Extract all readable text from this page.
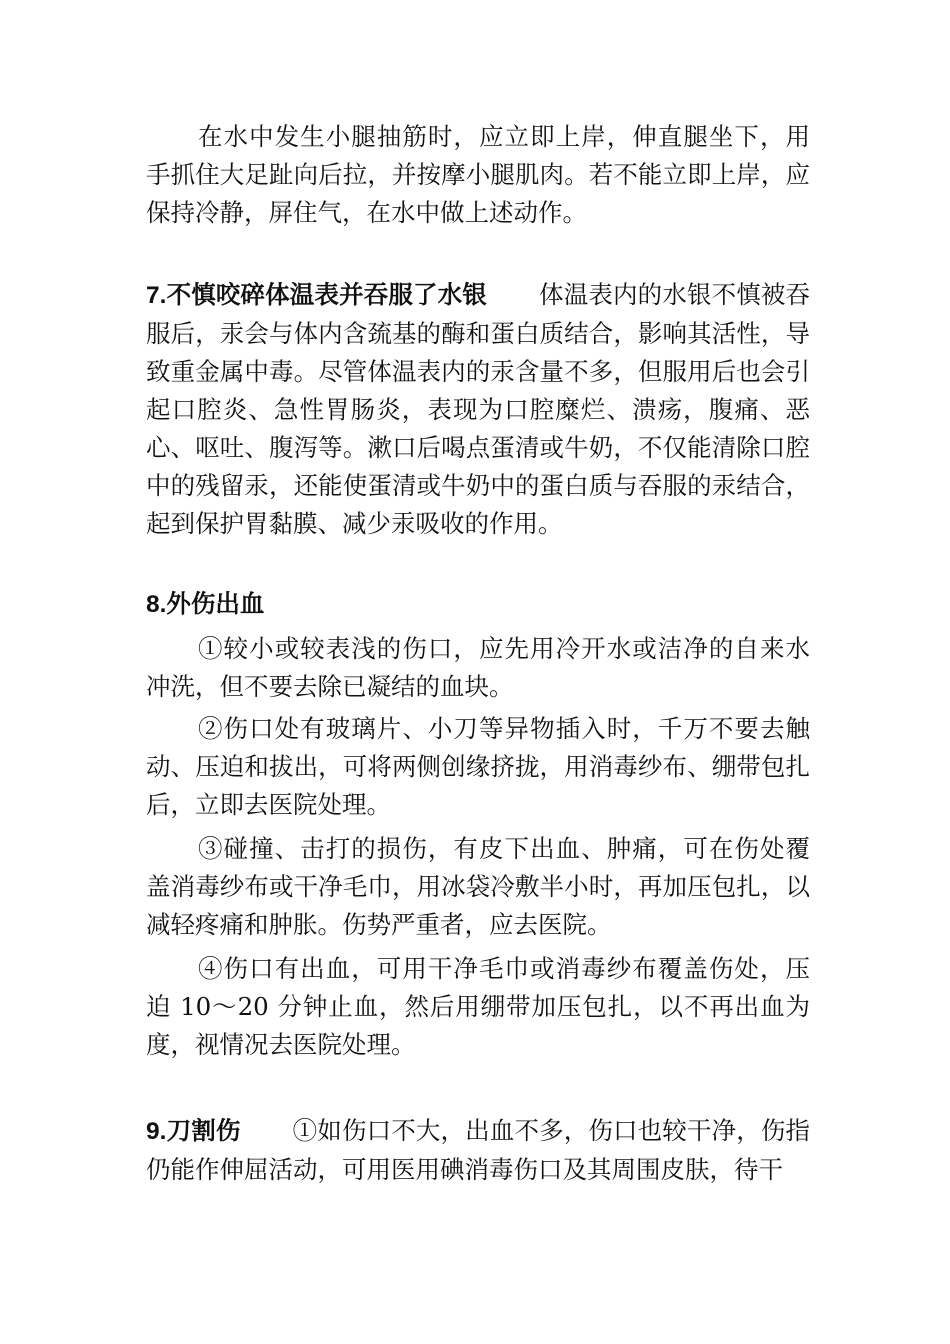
在水中发生小腿抽筋时，应立即上岸，伸直腿坐下，用手抓住大足趾向后拉，并按摩小腿肌肉。若不能立即上岸，应保持冷静，屏住气，在水中做上述动作。

7.不慎咬碎体温表并吞服了水银 体温表内的水银不慎被吞服后，汞会与体内含巯基的酶和蛋白质结合，影响其活性，导致重金属中毒。尽管体温表内的汞含量不多，但服用后也会引起口腔炎、急性胃肠炎，表现为口腔糜烂、溃疡，腹痛、恶心、呕吐、腹泻等。漱口后喝点蛋清或牛奶，不仅能清除口腔中的残留汞，还能使蛋清或牛奶中的蛋白质与吞服的汞结合，起到保护胃黏膜、减少汞吸收的作用。

8.外伤出血

①较小或较表浅的伤口，应先用冷开水或洁净的自来水冲洗，但不要去除已凝结的血块。

②伤口处有玻璃片、小刀等异物插入时，千万不要去触动、压迫和拔出，可将两侧创缘挤拢，用消毒纱布、绷带包扎后，立即去医院处理。

③碰撞、击打的损伤，有皮下出血、肿痛，可在伤处覆盖消毒纱布或干净毛巾，用冰袋冷敷半小时，再加压包扎，以减轻疼痛和肿胀。伤势严重者，应去医院。

④伤口有出血，可用干净毛巾或消毒纱布覆盖伤处，压迫 10～20 分钟止血，然后用绷带加压包扎，以不再出血为度，视情况去医院处理。

9.刀割伤 ①如伤口不大，出血不多，伤口也较干净，伤指仍能作伸屈活动，可用医用碘消毒伤口及其周围皮肤，待干
